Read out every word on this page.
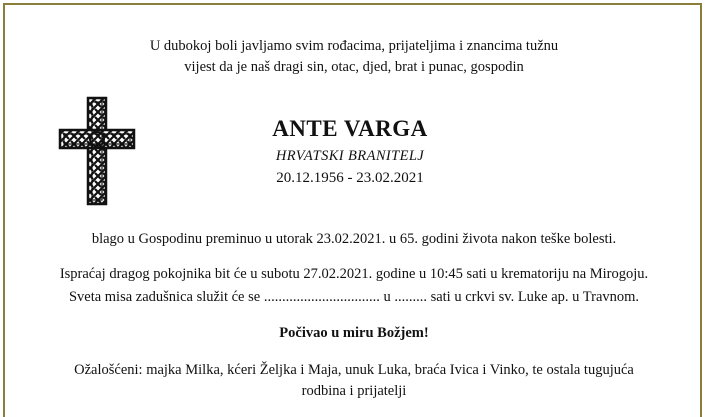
U dubokoj boli javljamo svim rođacima, prijateljima i znancima tužnu
vijest da je naš dragi sin, otac, djed, brat i punac, gospodin
ANTE VARGA
HRVATSKI BRANITELJ
20.12.1956 - 23.02.2021
blago u Gospodinu preminuo u utorak 23.02.2021. u 65. godini života nakon teške bolesti.
Ispraćaj dragog pokojnika bit će u subotu 27.02.2021. godine u 10:45 sati u krematoriju na Mirogoju.
Sveta misa zadušnica služit će se ................................ u ......... sati u crkvi sv. Luke ap. u Travnom.
Počivao u miru Božjem!
Ožalošćeni: majka Milka, kćeri Željka i Maja, unuk Luka, braća Ivica i Vinko, te ostala tugujuća
rodbina i prijatelji
